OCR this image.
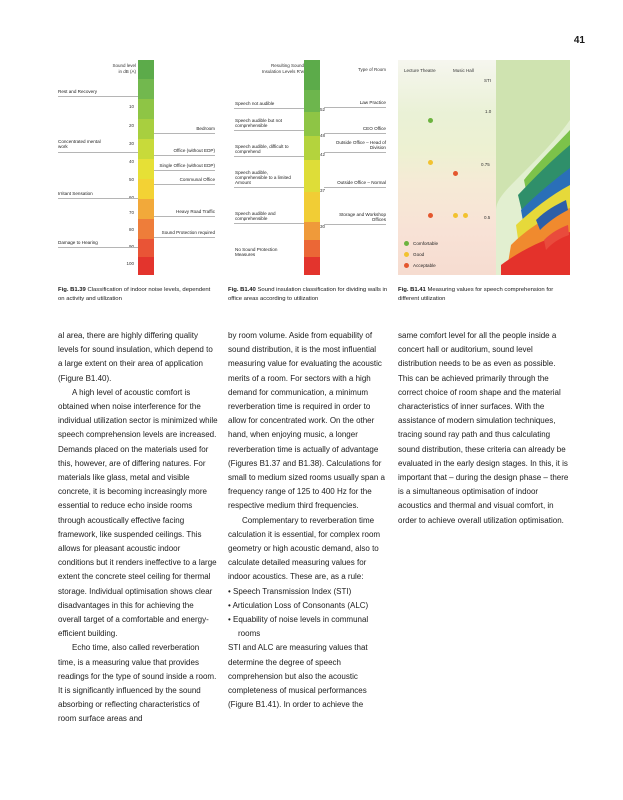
41
Sound level
in dB (A)
10
20
30
40
50
60
70
80
90
100
Rest and Recovery
Concentrated mental work
Irritant Sensation
Damage to Hearing
Bedroom
Office (without EDP)
Single Office (without EDP)
Communal Office
Heavy Road Traffic
Sound Protection required
Resulting Sound
Insulation Levels R'w	Type of Room
52
48
42
37
30
Speech not audible
Speech audible but not comprehensible
Speech audible, difficult to comprehend
Speech audible, comprehensible to a limited Amount
Speech audible and comprehensible
No Sound Protection Measures
Law Practice
CEO Office
Outside Office – Head of Division
Outside Office – Normal
Storage and Workshop Offices
Lecture Theatre	Music Hall
STI
1.0
0.75
0.5
Comfortable
Good
Acceptable
Fig. B1.39 Classification of indoor noise levels, dependent on activity and utilization
Fig. B1.40 Sound insulation classification for dividing walls in office areas according to utilization
Fig. B1.41 Measuring values for speech comprehension for different utilization

al area, there are highly differing quality levels for sound insulation, which depend to a large extent on their area of application (Figure B1.40).

A high level of acoustic comfort is obtained when noise interference for the individual utilization sector is minimized while speech comprehension levels are increased. Demands placed on the materials used for this, however, are of differing natures. For materials like glass, metal and visible concrete, it is becoming increasingly more essential to reduce echo inside rooms through acoustically effective facing framework, like suspended ceilings. This allows for pleasant acoustic indoor conditions but it renders ineffective to a large extent the concrete steel ceiling for thermal storage. Individual optimisation shows clear disadvantages in this for achieving the overall target of a comfortable and energy-efficient building.

Echo time, also called reverberation time, is a measuring value that provides readings for the type of sound inside a room. It is significantly influenced by the sound absorbing or reflecting characteristics of room surface areas and

by room volume. Aside from equability of sound distribution, it is the most influential measuring value for evaluating the acoustic merits of a room. For sectors with a high demand for communication, a minimum reverberation time is required in order to allow for concentrated work. On the other hand, when enjoying music, a longer reverberation time is actually of advantage (Figures B1.37 and B1.38). Calculations for small to medium sized rooms usually span a frequency range of 125 to 400 Hz for the respective medium third frequencies.

Complementary to reverberation time calculation it is essential, for complex room geometry or high acoustic demand, also to calculate detailed measuring values for indoor acoustics. These are, as a rule:

• Speech Transmission Index (STI)

• Articulation Loss of Consonants (ALC)

• Equability of noise levels in communal rooms

STI and ALC are measuring values that determine the degree of speech comprehension but also the acoustic completeness of musical performances (Figure B1.41). In order to achieve the

same comfort level for all the people inside a concert hall or auditorium, sound level distribution needs to be as even as possible. This can be achieved primarily through the correct choice of room shape and the material characteristics of inner surfaces. With the assistance of modern simulation techniques, tracing sound ray path and thus calculating sound distribution, these criteria can already be evaluated in the early design stages. In this, it is important that – during the design phase – there is a simultaneous optimisation of indoor acoustics and thermal and visual comfort, in order to achieve overall utilization optimisation.
